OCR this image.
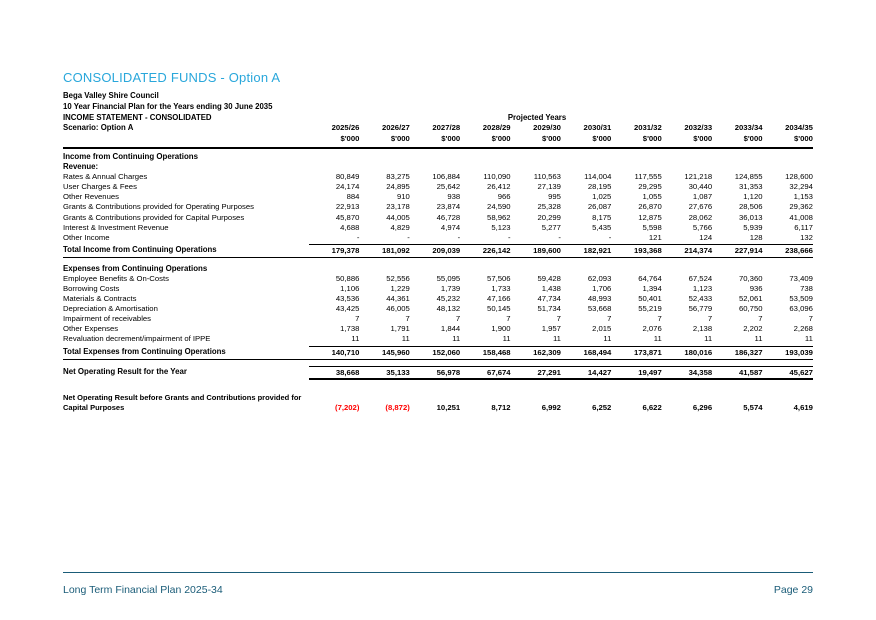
CONSOLIDATED FUNDS - Option A
Bega Valley Shire Council
10 Year Financial Plan for the Years ending 30 June 2035
INCOME STATEMENT - CONSOLIDATED	Projected Years
Scenario: Option A	2025/26	2026/27	2027/28	2028/29	2029/30	2030/31	2031/32	2032/33	2033/34	2034/35
$'000	$'000	$'000	$'000	$'000	$'000	$'000	$'000	$'000	$'000
Income from Continuing Operations
Revenue:
Rates & Annual Charges	80,849	83,275	106,884	110,090	110,563	114,004	117,555	121,218	124,855	128,600
User Charges & Fees	24,174	24,895	25,642	26,412	27,139	28,195	29,295	30,440	31,353	32,294
Other Revenues	884	910	938	966	995	1,025	1,055	1,087	1,120	1,153
Grants & Contributions provided for Operating Purposes	22,913	23,178	23,874	24,590	25,328	26,087	26,870	27,676	28,506	29,362
Grants & Contributions provided for Capital Purposes	45,870	44,005	46,728	58,962	20,299	8,175	12,875	28,062	36,013	41,008
Interest & Investment Revenue	4,688	4,829	4,974	5,123	5,277	5,435	5,598	5,766	5,939	6,117
Other Income	-	-	-	-	-	-	121	124	128	132
Total Income from Continuing Operations	179,378	181,092	209,039	226,142	189,600	182,921	193,368	214,374	227,914	238,666
Expenses from Continuing Operations
Employee Benefits & On-Costs	50,886	52,556	55,095	57,506	59,428	62,093	64,764	67,524	70,360	73,409
Borrowing Costs	1,106	1,229	1,739	1,733	1,438	1,706	1,394	1,123	936	738
Materials & Contracts	43,536	44,361	45,232	47,166	47,734	48,993	50,401	52,433	52,061	53,509
Depreciation & Amortisation	43,425	46,005	48,132	50,145	51,734	53,668	55,219	56,779	60,750	63,096
Impairment of receivables	7	7	7	7	7	7	7	7	7	7
Other Expenses	1,738	1,791	1,844	1,900	1,957	2,015	2,076	2,138	2,202	2,268
Revaluation decrement/impairment of IPPE	11	11	11	11	11	11	11	11	11	11
Total Expenses from Continuing Operations	140,710	145,960	152,060	158,468	162,309	168,494	173,871	180,016	186,327	193,039
Net Operating Result for the Year	38,668	35,133	56,978	67,674	27,291	14,427	19,497	34,358	41,587	45,627
Net Operating Result before Grants and Contributions provided for
Capital Purposes	(7,202)	(8,872)	10,251	8,712	6,992	6,252	6,622	6,296	5,574	4,619
Long Term Financial Plan 2025-34	Page 29
